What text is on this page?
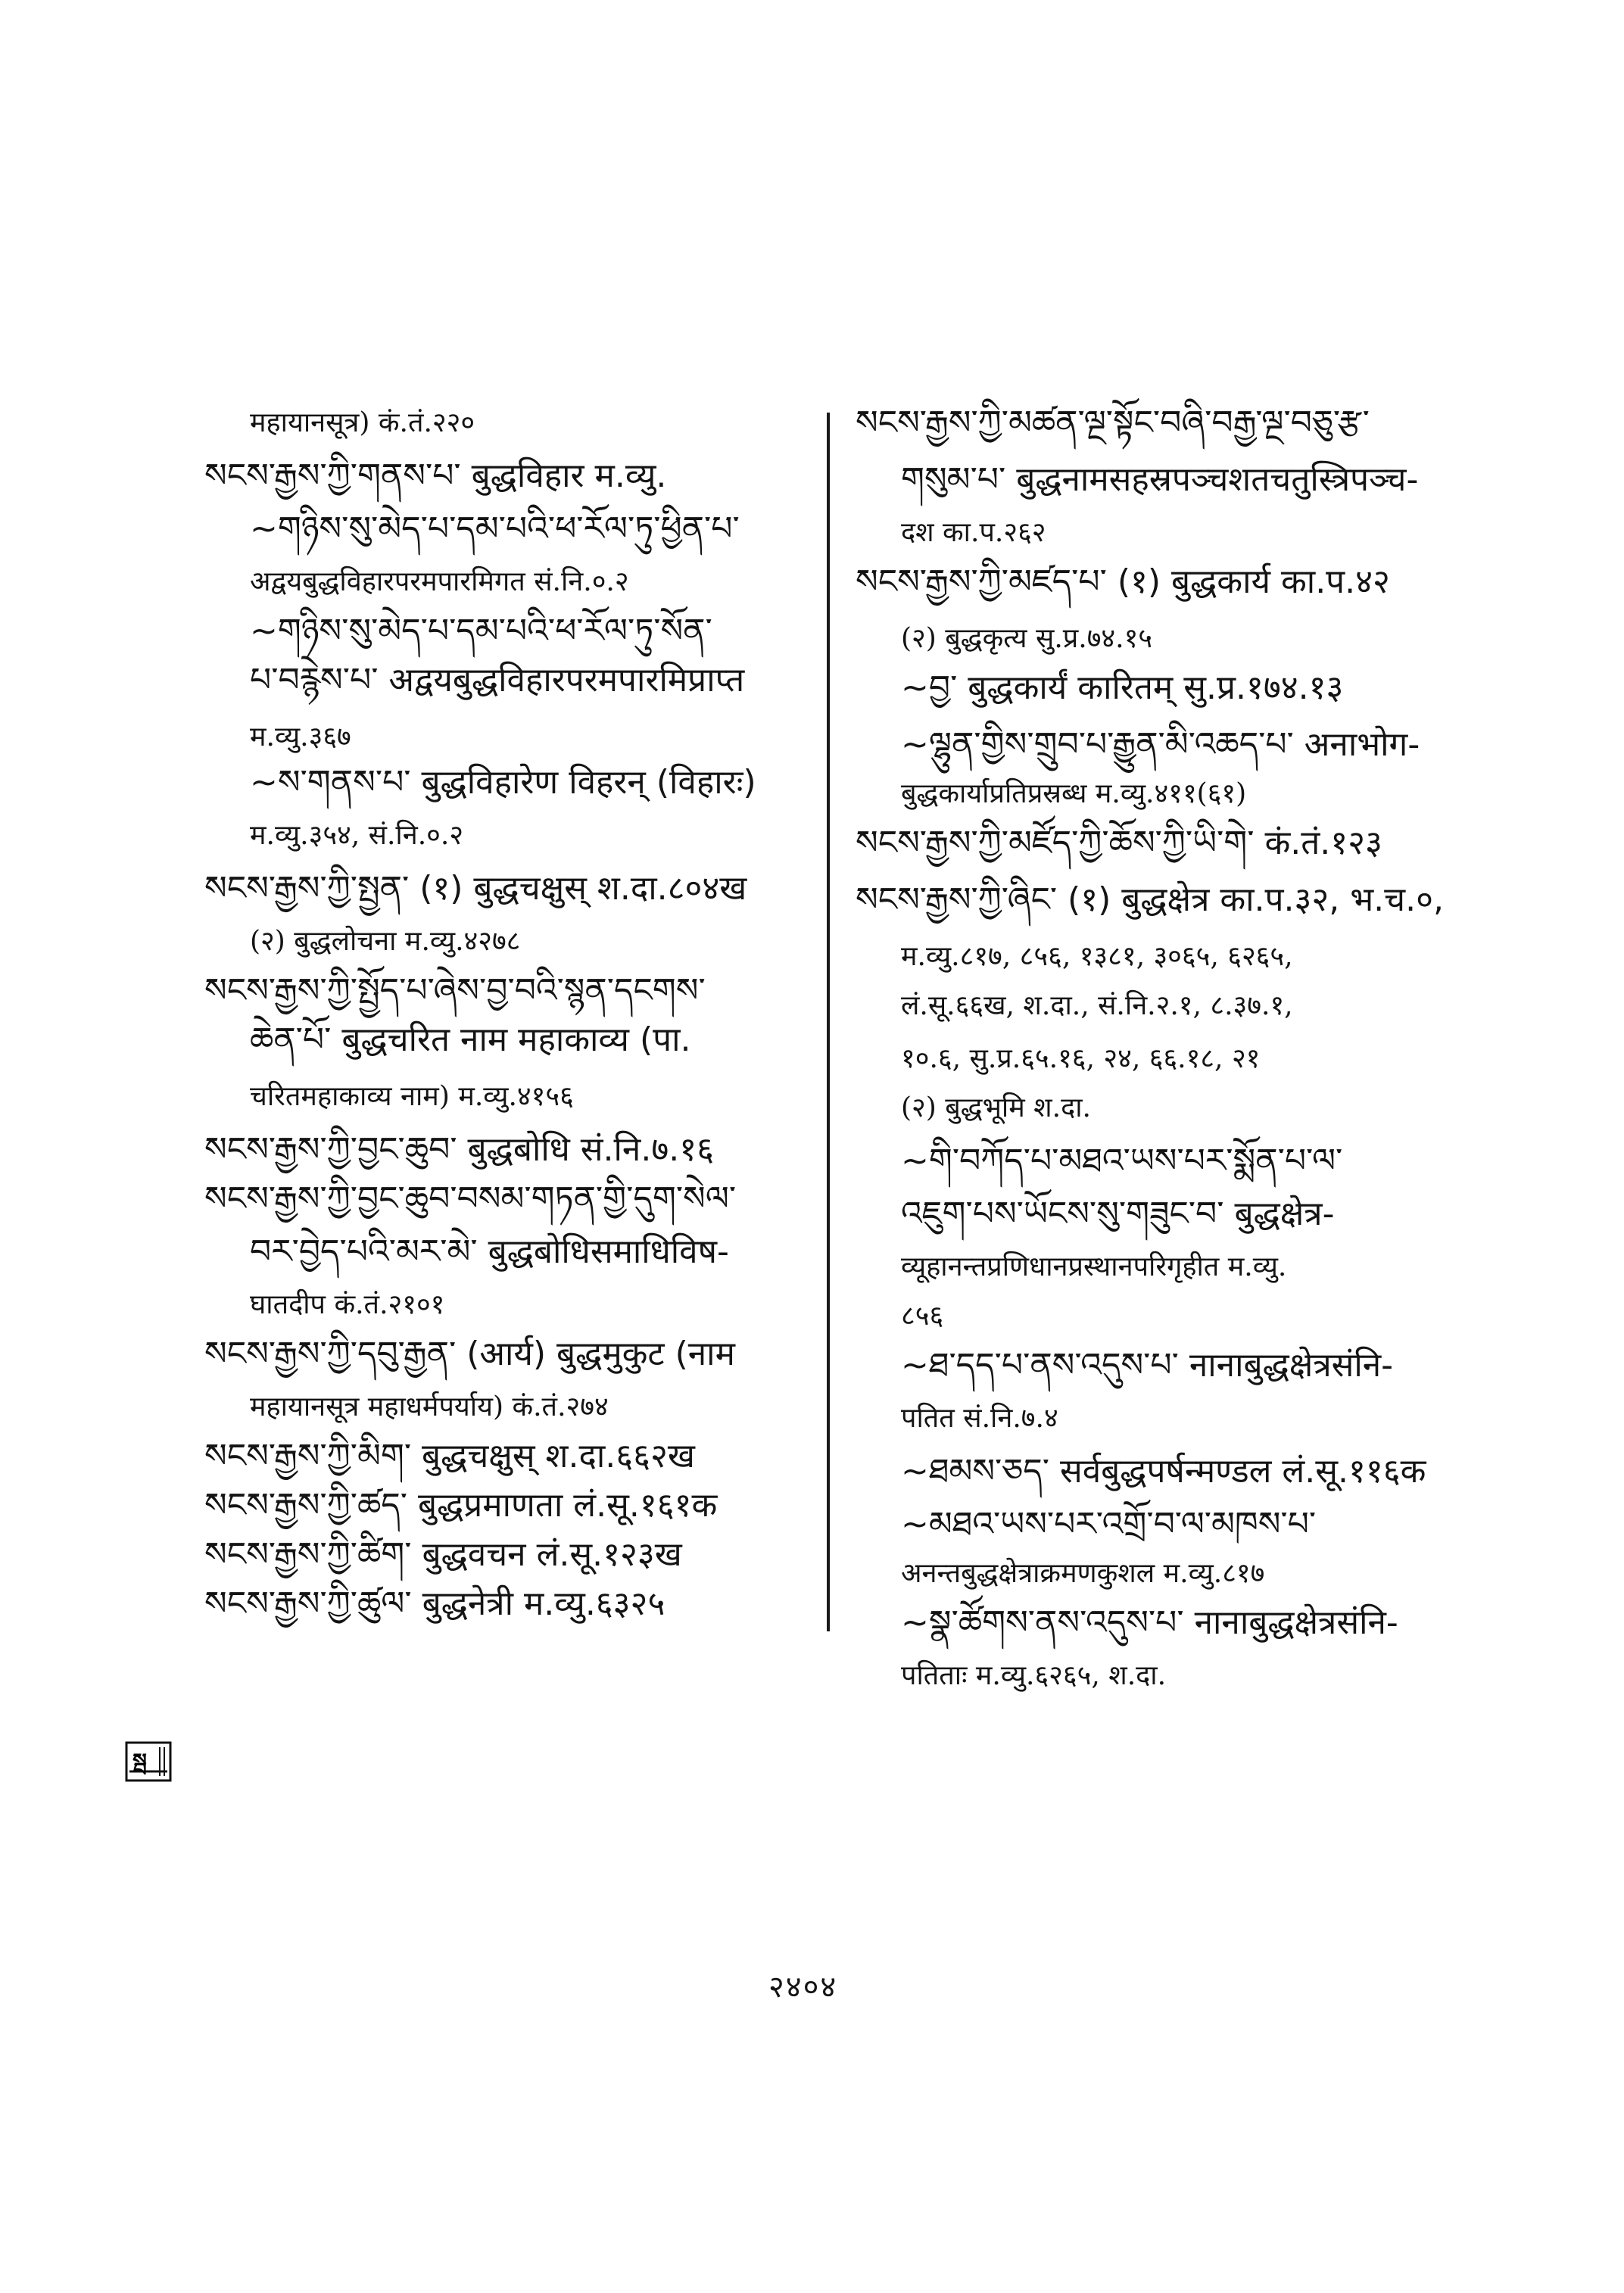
महायानसूत्र) कं.तं.२२०
སངས་རྒྱས་ཀྱི་གནས་པ་ बुद्धविहार म.व्यु.
~གཉིས་སུ་མེད་པ་དམ་པའི་ཕ་རོལ་ཏུ་ཕྱིན་པ་
अद्वयबुद्धविहारपरमपारमिगत सं.नि.०.२
~གཉིས་སུ་མེད་པ་དམ་པའི་ཕ་རོལ་ཏུ་སོན་
པ་བརྙེས་པ་ अद्वयबुद्धविहारपरमपारमिप्राप्त
म.व्यु.३६७
~ས་གནས་པ་ बुद्धविहारेण विहरन् (विहारः)
म.व्यु.३५४, सं.नि.०.२
སངས་རྒྱས་ཀྱི་སྤྱན་ (१) बुद्धचक्षुस् श.दा.८०४ख
(२) बुद्धलोचना म.व्यु.४२७८
སངས་རྒྱས་ཀྱི་སྤྱོད་པ་ཞེས་བྱ་བའི་སྙན་དངགས་
ཆེན་པོ་ बुद्धचरित नाम महाकाव्य (पा.
चरितमहाकाव्य नाम) म.व्यु.४१५६
སངས་རྒྱས་ཀྱི་བྱང་ཆུབ་ बुद्धबोधि सं.नि.७.१६
སངས་རྒྱས་ཀྱི་བྱང་ཆུབ་བསམ་གཏན་གྱི་དུག་སེལ་
བར་བྱེད་པའི་མར་མེ་ बुद्धबोधिसमाधिविष-
घातदीप कं.तं.२१०१
སངས་རྒྱས་ཀྱི་དབུ་རྒྱན་ (आर्य) बुद्धमुकुट (नाम
महायानसूत्र महाधर्मपर्याय) कं.तं.२७४
སངས་རྒྱས་ཀྱི་མིག་ बुद्धचक्षुस् श.दा.६६२ख
སངས་རྒྱས་ཀྱི་ཚད་ बुद्धप्रमाणता लं.सू.१६१क
སངས་རྒྱས་ཀྱི་ཚིག་ बुद्धवचन लं.सू.१२३ख
སངས་རྒྱས་ཀྱི་ཚུལ་ बुद्धनेत्री म.व्यु.६३२५
སངས་རྒྱས་ཀྱི་མཚན་ལྔ་སྟོང་བཞི་བརྒྱ་ལྔ་བཅུ་རྩ་
གསུམ་པ་ बुद्धनामसहस्रपञ्चशतचतुस्त्रिपञ्च-
दश का.प.२६२
སངས་རྒྱས་ཀྱི་མཛད་པ་ (१) बुद्धकार्य का.प.४२
(२) बुद्धकृत्य सु.प्र.७४.१५
~བྱ་ बुद्धकार्यं कारितम् सु.प्र.१७४.१३
~ལྷུན་གྱིས་གྲུབ་པ་རྒྱུན་མི་འཆད་པ་ अनाभोग-
बुद्धकार्याप्रतिप्रस्रब्ध म.व्यु.४११(६१)
སངས་རྒྱས་ཀྱི་མཛོད་ཀྱི་ཆོས་ཀྱི་ཡི་གེ་ कं.तं.१२३
སངས་རྒྱས་ཀྱི་ཞིང་ (१) बुद्धक्षेत्र का.प.३२, भ.च.०,
म.व्यु.८१७, ८५६, १३८१, ३०६५, ६२६५,
लं.सू.६६ख, श.दा., सं.नि.२.१, ८.३७.१,
१०.६, सु.प्र.६५.१६, २४, ६६.१८, २१
(२) बुद्धभूमि श.दा.
~གི་བཀོད་པ་མཐའ་ཡས་པར་སྨོན་པ་ལ་
འཇུག་པས་ཡོངས་སུ་གཟུང་བ་ बुद्धक्षेत्र-
व्यूहानन्तप्रणिधानप्रस्थानपरिगृहीत म.व्यु.
८५६
~ཐ་དད་པ་ནས་འདུས་པ་ नानाबुद्धक्षेत्रसंनि-
पतित सं.नि.७.४
~ཐམས་ཅད་ सर्वबुद्धपर्षन्मण्डल लं.सू.११६क
~མཐའ་ཡས་པར་འགྲོ་བ་ལ་མཁས་པ་
अनन्तबुद्धक्षेत्राक्रमणकुशल म.व्यु.८१७
~སྣ་ཚོགས་ནས་འདུས་པ་ नानाबुद्धक्षेत्रसंनि-
पतिताः म.व्यु.६२६५, श.दा.
སྦ
२४०४
